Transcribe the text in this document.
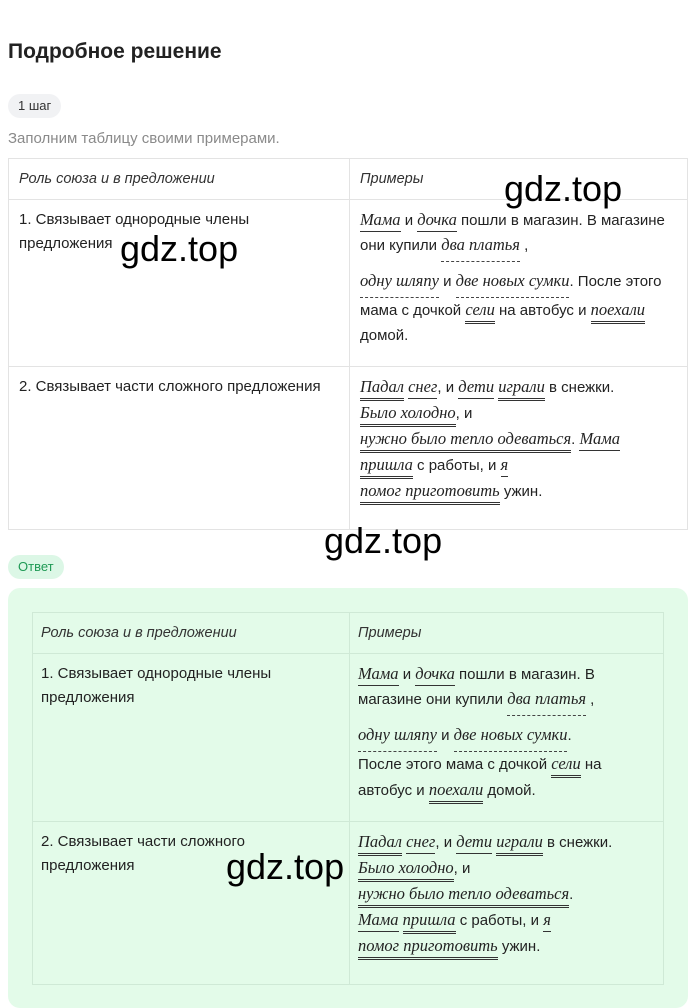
Подробное решение
1 шаг
Заполним таблицу своими примерами.
Роль союза и в предложении	Примеры
1. Связывает однородные члены предложения	Мама и дочка пошли в магазин. В магазине они купили два платья ,

одну шляпу и две новых сумки. После этого мама с дочкой сели на автобус и поехали домой.

2. Связывает части сложного предложения	Падал снег, и дети играли в снежки.
Было холодно, и
нужно было тепло одеваться. Мама
пришла с работы, и я
помог приготовить ужин.
Ответ
Роль союза и в предложении	Примеры
1. Связывает однородные члены предложения	Мама и дочка пошли в магазин. В магазине они купили два платья ,

одну шляпу и две новых сумки.
После этого мама с дочкой сели на автобус и поехали домой.
2. Связывает части сложного предложения	Падал снег, и дети играли в снежки.
Было холодно, и
нужно было тепло одеваться.
Мама пришла с работы, и я
помог приготовить ужин.
gdz.top
gdz.top
gdz.top
gdz.top
